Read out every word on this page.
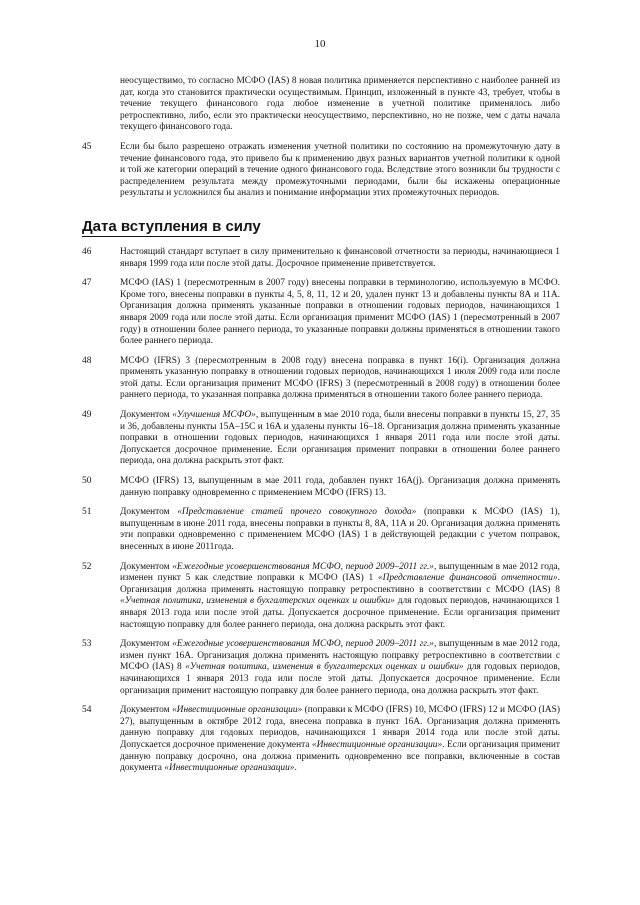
10
неосуществимо, то согласно МСФО (IAS) 8 новая политика применяется перспективно с наиболее ранней из дат, когда это становится практически осуществимым. Принцип, изложенный в пункте 43, требует, чтобы в течение текущего финансового года любое изменение в учетной политике применялось либо ретроспективно, либо, если это практически неосуществимо, перспективно, но не позже, чем с даты начала текущего финансового года.
45	Если бы было разрешено отражать изменения учетной политики по состоянию на промежуточную дату в течение финансового года, это привело бы к применению двух разных вариантов учетной политики к одной и той же категории операций в течение одного финансового года. Вследствие этого возникли бы трудности с распределением результата между промежуточными периодами, были бы искажены операционные результаты и усложнился бы анализ и понимание информации этих промежуточных периодов.

Дата вступления в силу
46	Настоящий стандарт вступает в силу применительно к финансовой отчетности за периоды, начинающиеся 1 января 1999 года или после этой даты. Досрочное применение приветствуется.

47	МСФО (IAS) 1 (пересмотренным в 2007 году) внесены поправки в терминологию, используемую в МСФО. Кроме того, внесены поправки в пункты 4, 5, 8, 11, 12 и 20, удален пункт 13 и добавлены пункты 8А и 11А. Организация должна применять указанные поправки в отношении годовых периодов, начинающихся 1 января 2009 года или после этой даты. Если организация применит МСФО (IAS) 1 (пересмотренный в 2007 году) в отношении более раннего периода, то указанные поправки должны применяться в отношении такого более раннего периода.

48	МСФО (IFRS) 3 (пересмотренным в 2008 году) внесена поправка в пункт 16(i). Организация должна применять указанную поправку в отношении годовых периодов, начинающихся 1 июля 2009 года или после этой даты. Если организация применит МСФО (IFRS) 3 (пересмотренный в 2008 году) в отношении более раннего периода, то указанная поправка должна применяться в отношении такого более раннего периода.

49	Документом «Улучшения МСФО», выпущенным в мае 2010 года, были внесены поправки в пункты 15, 27, 35 и 36, добавлены пункты 15А–15С и 16А и удалены пункты 16–18. Организация должна применять указанные поправки в отношении годовых периодов, начинающихся 1 января 2011 года или после этой даты. Допускается досрочное применение. Если организация применит поправки в отношении более раннего периода, она должна раскрыть этот факт.

50	МСФО (IFRS) 13, выпущенным в мае 2011 года, добавлен пункт 16А(j). Организация должна применять данную поправку одновременно с применением МСФО (IFRS) 13.

51	Документом «Представление статей прочего совокупного дохода» (поправки к МСФО (IAS) 1), выпущенным в июне 2011 года, внесены поправки в пункты 8, 8А, 11А и 20. Организация должна применять эти поправки одновременно с применением МСФО (IAS) 1 в действующей редакции с учетом поправок, внесенных в июне 2011года.

52	Документом «Ежегодные усовершенствования МСФО, период 2009–2011 гг.», выпущенным в мае 2012 года, изменен пункт 5 как следствие поправки к МСФО (IAS) 1 «Представление финансовой отчетности». Организация должна применять настоящую поправку ретроспективно в соответствии с МСФО (IAS) 8 «Учетная политика, изменения в бухгалтерских оценках и ошибки» для годовых периодов, начинающихся 1 января 2013 года или после этой даты. Допускается досрочное применение. Если организация применит настоящую поправку для более раннего периода, она должна раскрыть этот факт.

53	Документом «Ежегодные усовершенствования МСФО, период 2009–2011 гг.», выпущенным в мае 2012 года, измен пункт 16А. Организация должна применять настоящую поправку ретроспективно в соответствии с МСФО (IAS) 8 «Учетная политика, изменения в бухгалтерских оценках и ошибки» для годовых периодов, начинающихся 1 января 2013 года или после этой даты. Допускается досрочное применение. Если организация применит настоящую поправку для более раннего периода, она должна раскрыть этот факт.

54	Документом «Инвестиционные организации» (поправки к МСФО (IFRS) 10, МСФО (IFRS) 12 и МСФО (IAS) 27), выпущенным в октябре 2012 года, внесена поправка в пункт 16А. Организация должна применять данную поправку для годовых периодов, начинающихся 1 января 2014 года или после этой даты. Допускается досрочное применение документа «Инвестиционные организации». Если организация применит данную поправку досрочно, она должна применить одновременно все поправки, включенные в состав документа «Инвестиционные организации».
